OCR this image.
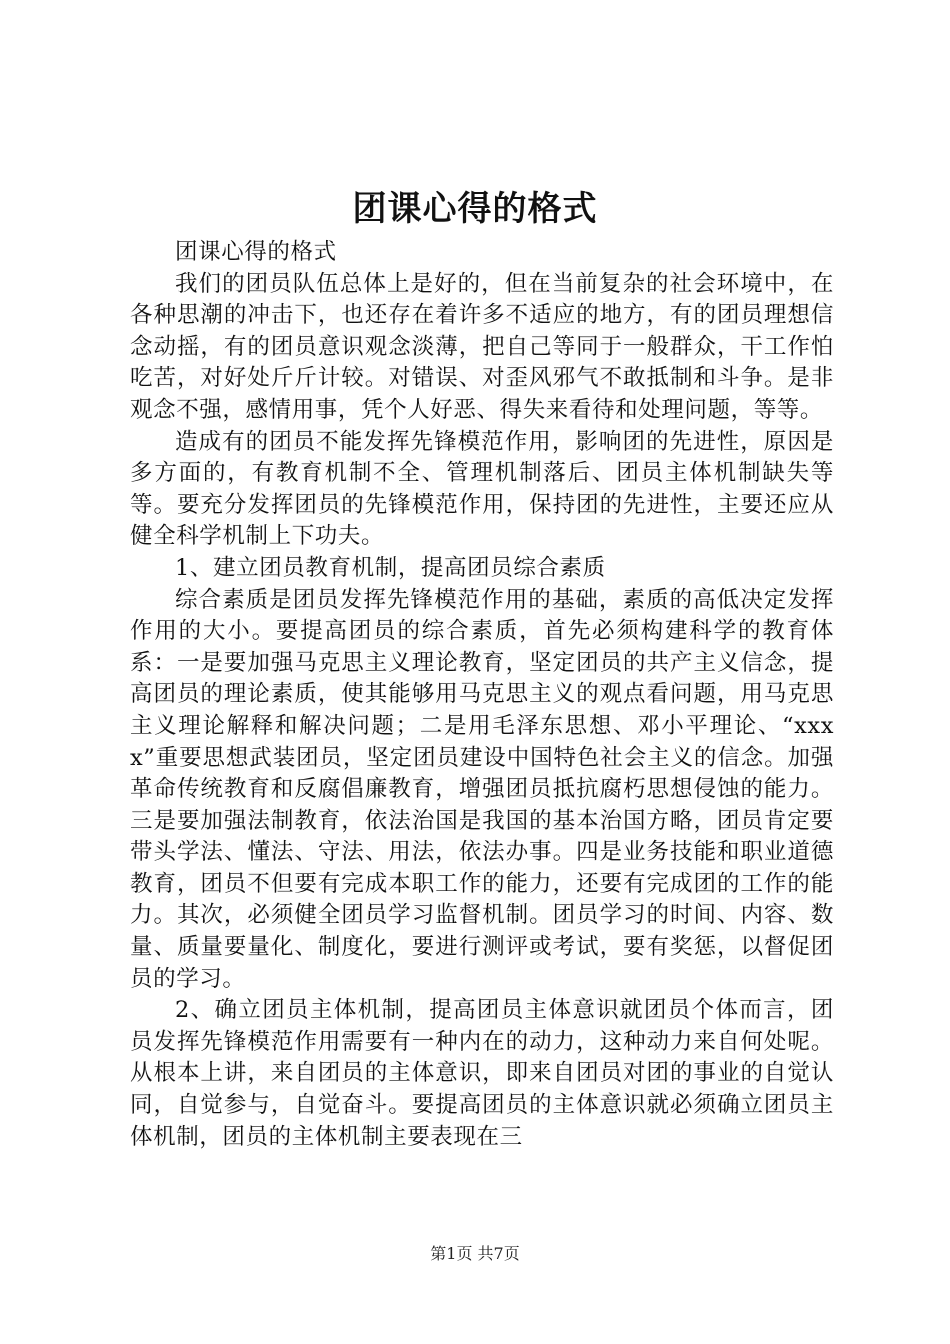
团课心得的格式

团课心得的格式

我们的团员队伍总体上是好的，但在当前复杂的社会环境中，在各种思潮的冲击下，也还存在着许多不适应的地方，有的团员理想信念动摇，有的团员意识观念淡薄，把自己等同于一般群众，干工作怕吃苦，对好处斤斤计较。对错误、对歪风邪气不敢抵制和斗争。是非观念不强，感情用事，凭个人好恶、得失来看待和处理问题，等等。

造成有的团员不能发挥先锋模范作用，影响团的先进性，原因是多方面的，有教育机制不全、管理机制落后、团员主体机制缺失等等。要充分发挥团员的先锋模范作用，保持团的先进性，主要还应从健全科学机制上下功夫。

1、建立团员教育机制，提高团员综合素质

综合素质是团员发挥先锋模范作用的基础，素质的高低决定发挥作用的大小。要提高团员的综合素质，首先必须构建科学的教育体系：一是要加强马克思主义理论教育，坚定团员的共产主义信念，提高团员的理论素质，使其能够用马克思主义的观点看问题，用马克思主义理论解释和解决问题；二是用毛泽东思想、邓小平理论、“xxxx”重要思想武装团员，坚定团员建设中国特色社会主义的信念。加强革命传统教育和反腐倡廉教育，增强团员抵抗腐朽思想侵蚀的能力。三是要加强法制教育，依法治国是我国的基本治国方略，团员肯定要带头学法、懂法、守法、用法，依法办事。四是业务技能和职业道德教育，团员不但要有完成本职工作的能力，还要有完成团的工作的能力。其次，必须健全团员学习监督机制。团员学习的时间、内容、数量、质量要量化、制度化，要进行测评或考试，要有奖惩，以督促团员的学习。

2、确立团员主体机制，提高团员主体意识就团员个体而言，团员发挥先锋模范作用需要有一种内在的动力，这种动力来自何处呢。从根本上讲，来自团员的主体意识，即来自团员对团的事业的自觉认同，自觉参与，自觉奋斗。要提高团员的主体意识就必须确立团员主体机制，团员的主体机制主要表现在三

第1页 共7页
